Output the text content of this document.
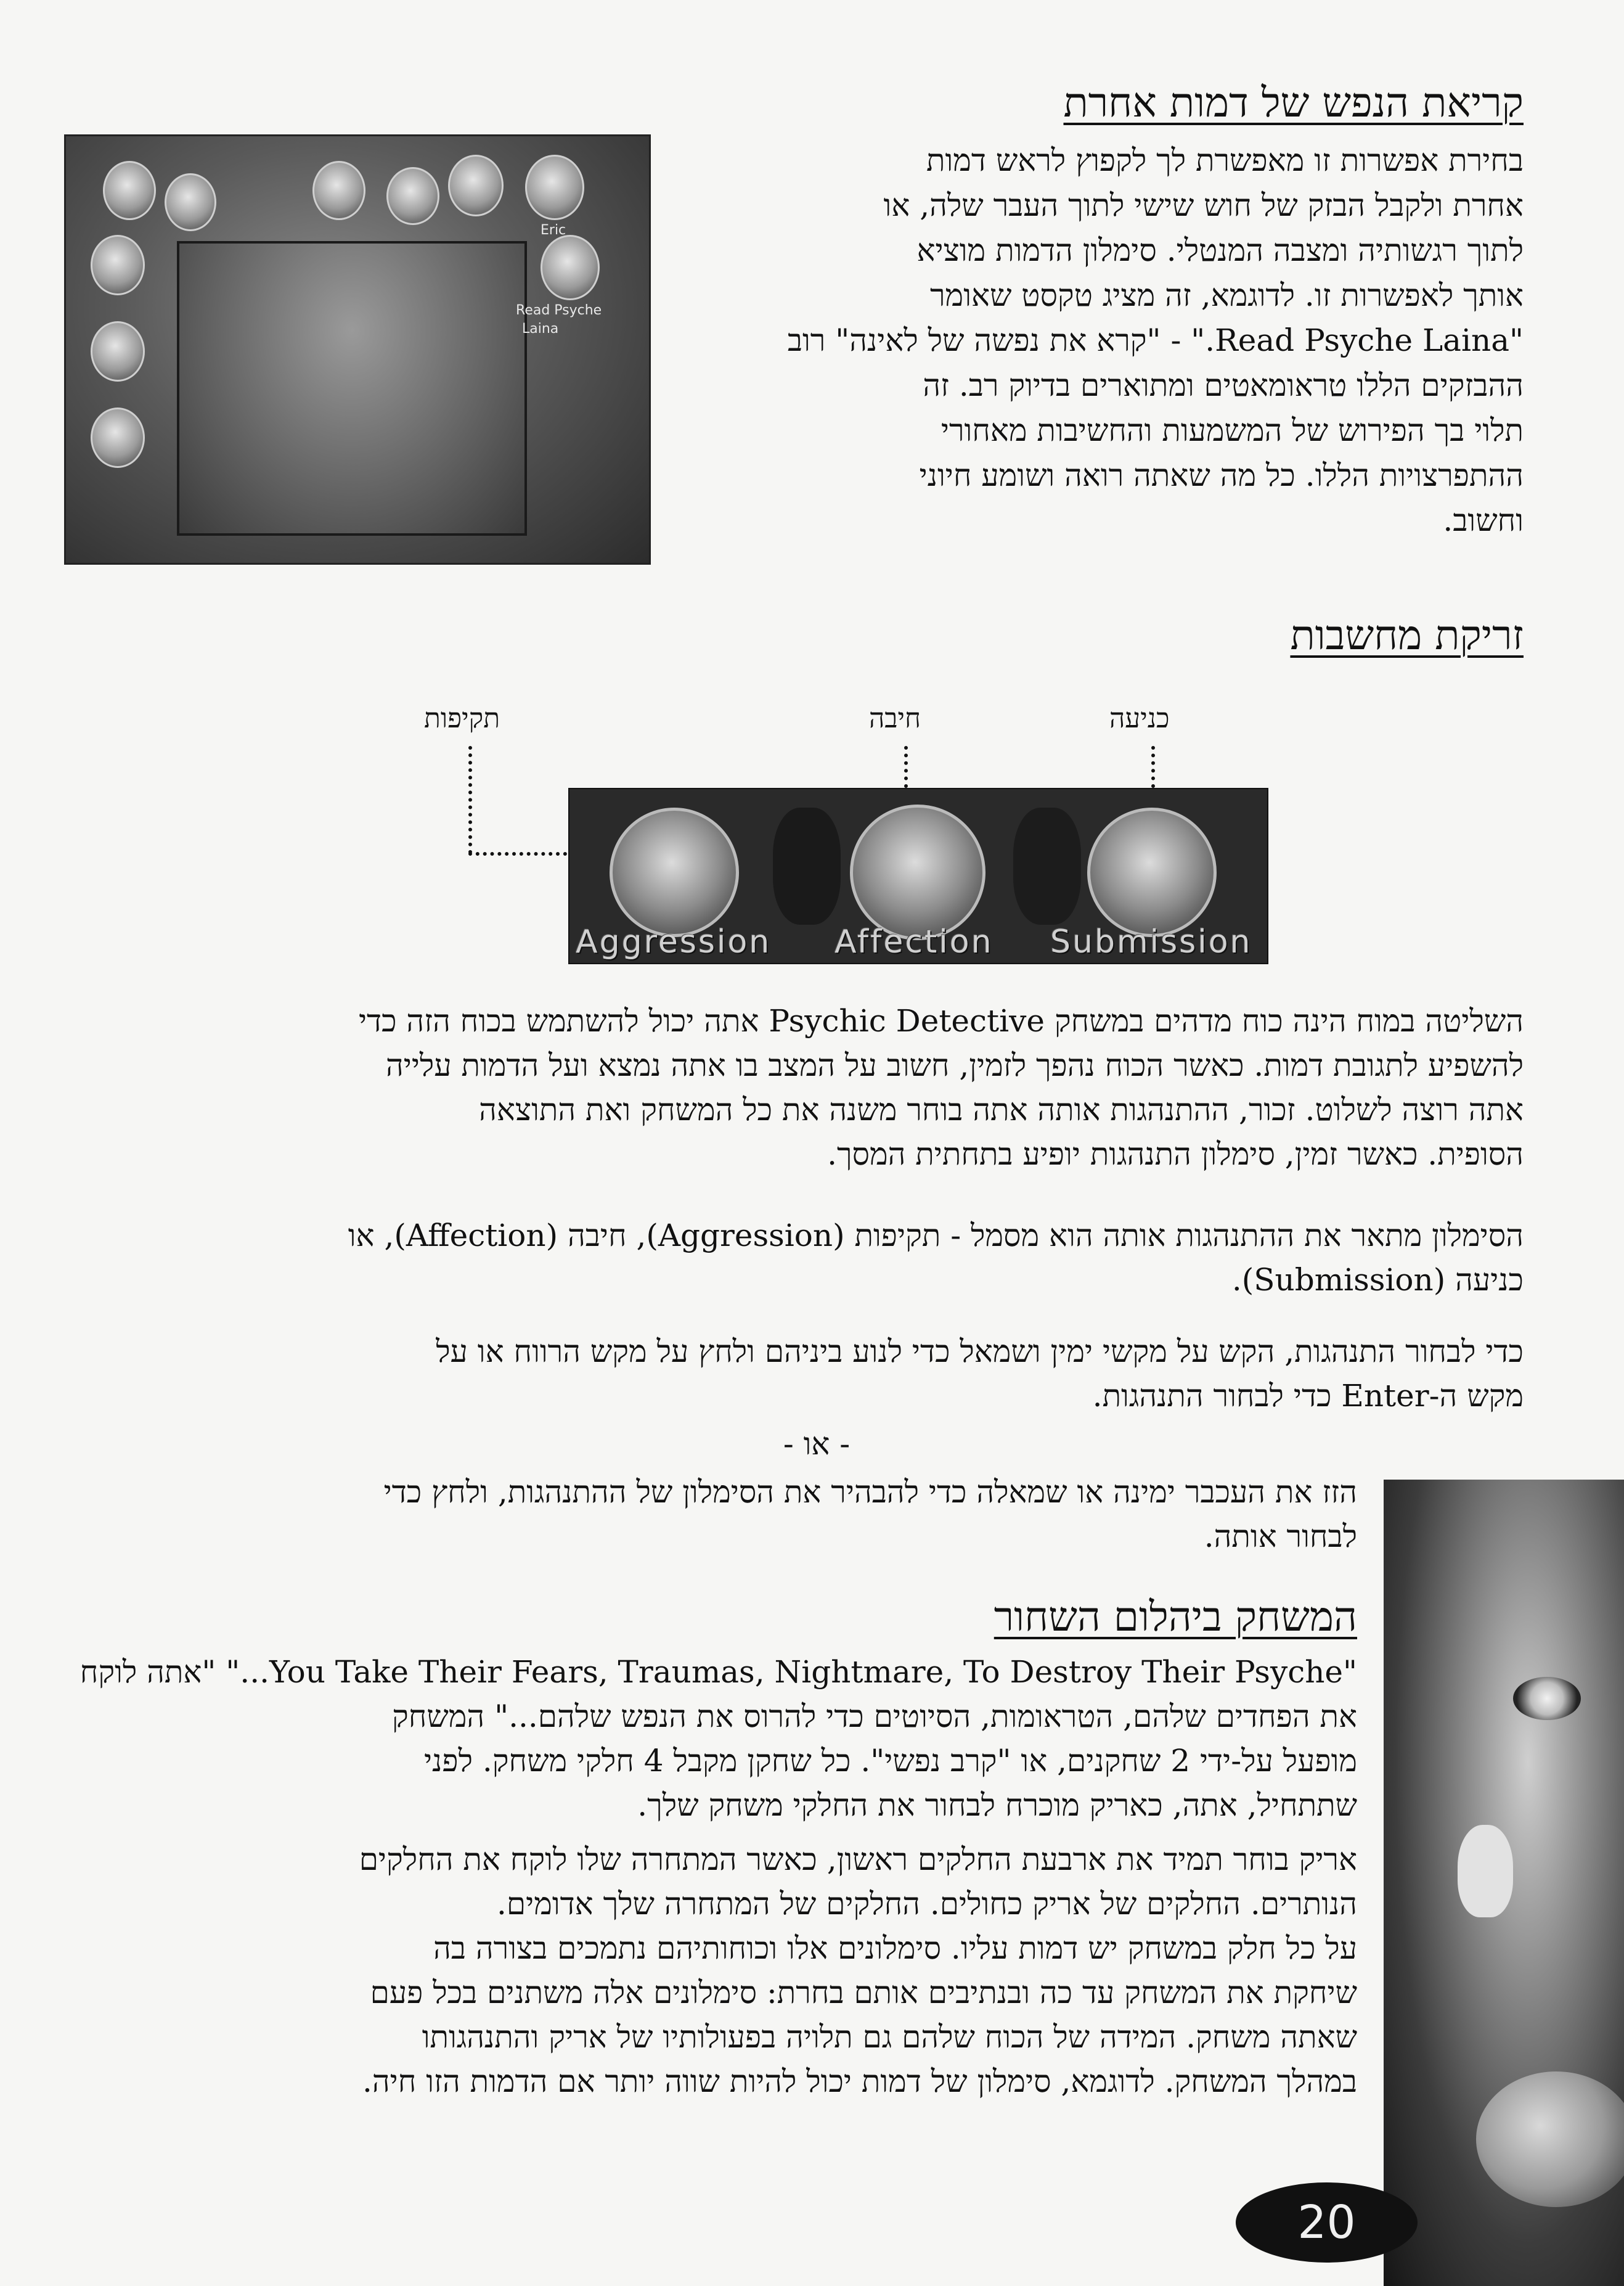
Eric
Read Psyche
Laina
קריאת הנפש של דמות אחרת
בחירת אפשרות זו מאפשרת לך לקפוץ לראש דמות
אחרת ולקבל הבזק של חוש שישי לתוך העבר שלה, או
לתוך רגשותיה ומצבה המנטלי. סימלון הדמות מוציא
אותך לאפשרות זו. לדוגמא, זה מציג טקסט שאומר
"Read Psyche Laina." - "קרא את נפשה של לאינה" רוב
ההבזקים הללו טראומאטים ומתוארים בדיוק רב. זה
תלוי בך הפירוש של המשמעות והחשיבות מאחורי
ההתפרצויות הללו. כל מה שאתה רואה ושומע חיוני
וחשוב.
זריקת מחשבות
כניעה
חיבה
תקיפות
Aggression Affection Submission
השליטה במוח הינה כוח מדהים במשחק Psychic Detective אתה יכול להשתמש בכוח הזה כדי
להשפיע לתגובת דמות. כאשר הכוח נהפך לזמין, חשוב על המצב בו אתה נמצא ועל הדמות עלייה
אתה רוצה לשלוט. זכור, ההתנהגות אותה אתה בוחר משנה את כל המשחק ואת התוצאה
הסופית. כאשר זמין, סימלון התנהגות יופיע בתחתית המסך.
הסימלון מתאר את ההתנהגות אותה הוא מסמל - תקיפות (Aggression), חיבה (Affection), או
כניעה (Submission).
כדי לבחור התנהגות, הקש על מקשי ימין ושמאל כדי לנוע ביניהם ולחץ על מקש הרווח או על
מקש ה-Enter כדי לבחור התנהגות.
- או -
הזז את העכבר ימינה או שמאלה כדי להבהיר את הסימלון של ההתנהגות, ולחץ כדי
לבחור אותה.
המשחק ביהלום השחור
"You Take Their Fears, Traumas, Nightmare, To Destroy Their Psyche..." "אתה לוקח
את הפחדים שלהם, הטראומות, הסיוטים כדי להרוס את הנפש שלהם..." המשחק
מופעל על-ידי 2 שחקנים, או "קרב נפשי". כל שחקן מקבל 4 חלקי משחק. לפני
שתתחיל, אתה, כאריק מוכרח לבחור את החלקי משחק שלך.
אריק בוחר תמיד את ארבעת החלקים ראשון, כאשר המתחרה שלו לוקח את החלקים
הנותרים. החלקים של אריק כחולים. החלקים של המתחרה שלך אדומים.
על כל חלק במשחק יש דמות עליו. סימלונים אלו וכוחותיהם נתמכים בצורה בה
שיחקת את המשחק עד כה ובנתיבים אותם בחרת: סימלונים אלה משתנים בכל פעם
שאתה משחק. המידה של הכוח שלהם גם תלויה בפעולותיו של אריק והתנהגותו
במהלך המשחק. לדוגמא, סימלון של דמות יכול להיות שווה יותר אם הדמות הזו חיה.
20
